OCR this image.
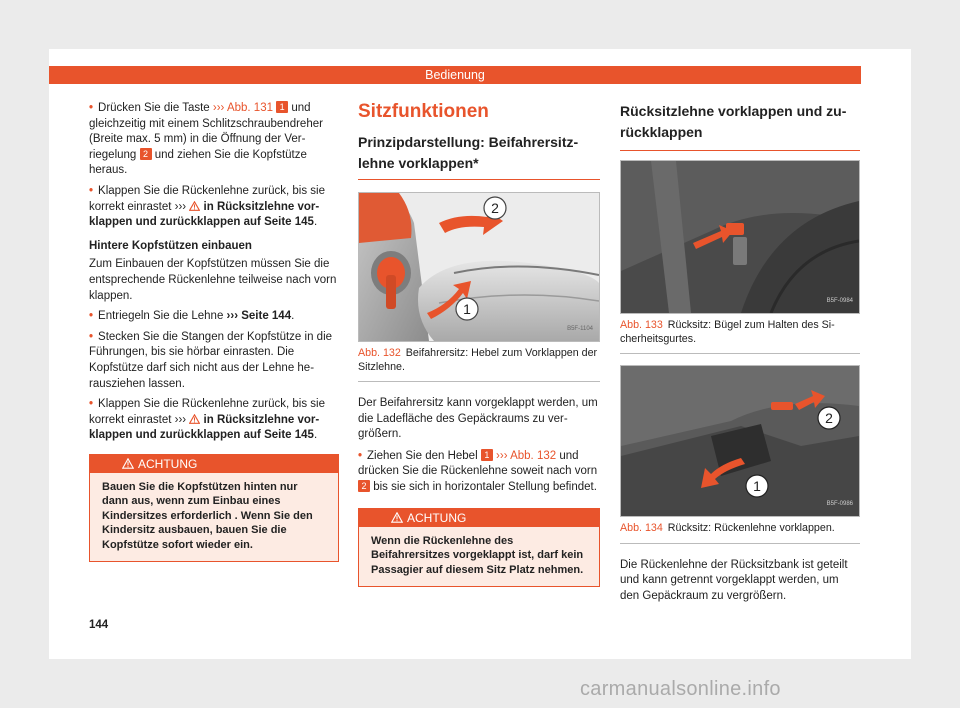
Bedienung

• Drücken Sie die Taste ››› Abb. 131 1 und gleichzeitig mit einem Schlitzschraubendreher (Breite max. 5 mm) in die Öffnung der Verriegelung 2 und ziehen Sie die Kopfstütze heraus.

• Klappen Sie die Rückenlehne zurück, bis sie korrekt einrastet ›››  in Rücksitzlehne vorklappen und zurückklappen auf Seite 145.

Hintere Kopfstützen einbauen

Zum Einbauen der Kopfstützen müssen Sie die entsprechende Rückenlehne teilweise nach vorn klappen.

• Entriegeln Sie die Lehne ››› Seite 144.

• Stecken Sie die Stangen der Kopfstütze in die Führungen, bis sie hörbar einrasten. Die Kopfstütze darf sich nicht aus der Lehne herausziehen lassen.

• Klappen Sie die Rückenlehne zurück, bis sie korrekt einrastet ›››  in Rücksitzlehne vorklappen und zurückklappen auf Seite 145.

ACHTUNG
Bauen Sie die Kopfstützen hinten nur dann aus, wenn zum Einbau eines Kindersitzes erforderlich . Wenn Sie den Kindersitz ausbauen, bauen Sie die Kopfstütze sofort wieder ein.
Sitzfunktionen
Prinzipdarstellung: Beifahrersitzlehne vorklappen*
2
1
B5F-1104
Abb. 132 Beifahrersitz: Hebel zum Vorklappen der Sitzlehne.

Der Beifahrersitz kann vorgeklappt werden, um die Ladefläche des Gepäckraums zu vergrößern.

• Ziehen Sie den Hebel 1 ››› Abb. 132 und drücken Sie die Rückenlehne soweit nach vorn 2 bis sie sich in horizontaler Stellung befindet.

ACHTUNG
Wenn die Rückenlehne des Beifahrersitzes vorgeklappt ist, darf kein Passagier auf diesem Sitz Platz nehmen.
Rücksitzlehne vorklappen und zurückklappen
B5F-0984
Abb. 133 Rücksitz: Bügel zum Halten des Sicherheitsgurtes.
2
1
B5F-0986
Abb. 134 Rücksitz: Rückenlehne vorklappen.

Die Rückenlehne der Rücksitzbank ist geteilt und kann getrennt vorgeklappt werden, um den Gepäckraum zu vergrößern.

144
carmanualsonline.info
